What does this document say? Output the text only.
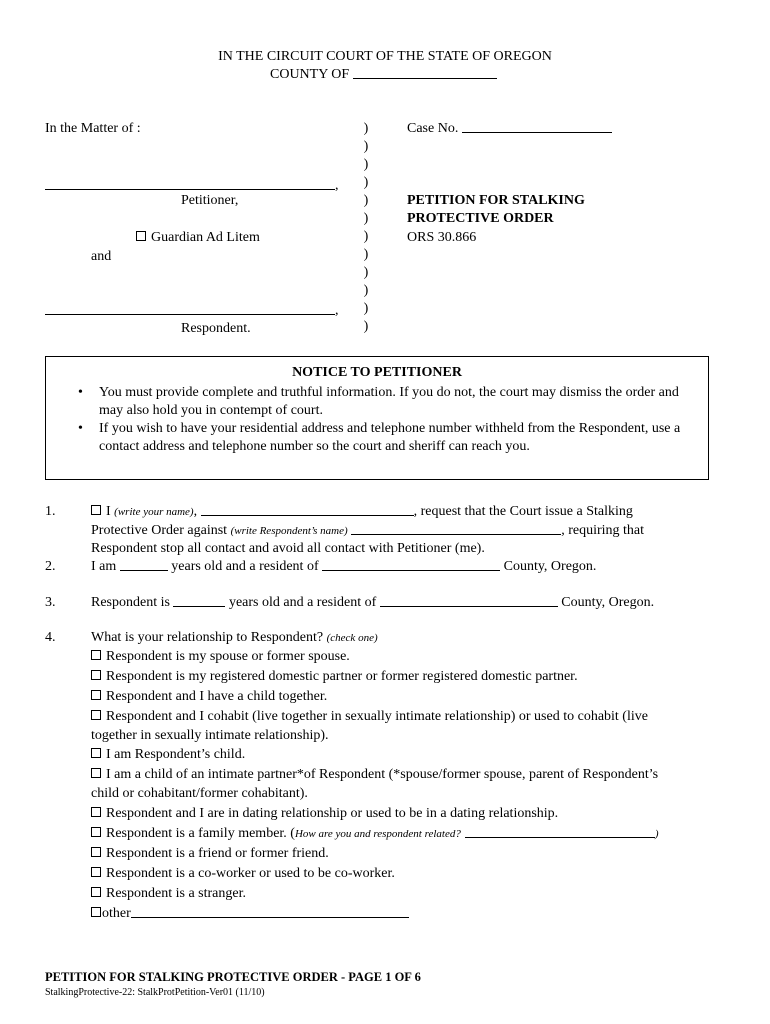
IN THE CIRCUIT COURT OF THE STATE OF OREGON
COUNTY OF
In the Matter of :
,
Petitioner,
Guardian Ad Litem
and
,
Respondent.
)
)
)
)
)
)
)
)
)
)
)
)
Case No.
PETITION FOR STALKING
PROTECTIVE ORDER
ORS 30.866
NOTICE TO PETITIONER
• You must provide complete and truthful information. If you do not, the court may dismiss the order and may also hold you in contempt of court.
• If you wish to have your residential address and telephone number withheld from the Respondent, use a contact address and telephone number so the court and sheriff can reach you.
1.	I (write your name),	, request that the Court issue a Stalking
Protective Order against (write Respondent’s name)	, requiring that
Respondent stop all contact and avoid all contact with Petitioner (me).
2.	I am	years old and a resident of	County, Oregon.
3.	Respondent is	years old and a resident of	County, Oregon.
4.	What is your relationship to Respondent? (check one)
Respondent is my spouse or former spouse.
Respondent is my registered domestic partner or former registered domestic partner.
Respondent and I have a child together.
Respondent and I cohabit (live together in sexually intimate relationship) or used to cohabit (live
together in sexually intimate relationship).
I am Respondent’s child.
I am a child of an intimate partner*of Respondent (*spouse/former spouse, parent of Respondent’s
child or cohabitant/former cohabitant).
Respondent and I are in dating relationship or used to be in a dating relationship.
Respondent is a family member. (How are you and respondent related?	)
Respondent is a friend or former friend.
Respondent is a co-worker or used to be co-worker.
Respondent is a stranger.
other
PETITION FOR STALKING PROTECTIVE ORDER - PAGE 1 OF 6
StalkingProtective-22: StalkProtPetition-Ver01 (11/10)
